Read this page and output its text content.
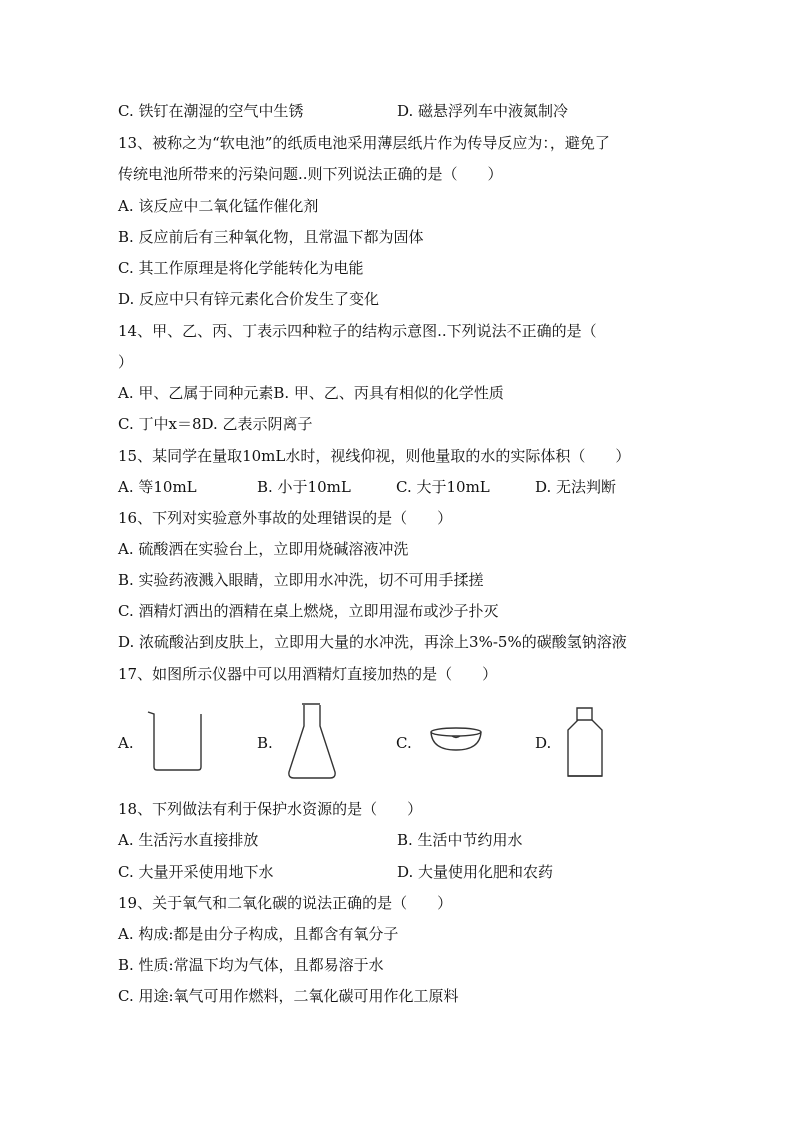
C. 铁钉在潮湿的空气中生锈	D. 磁悬浮列车中液氮制冷
13、被称之为“软电池”的纸质电池采用薄层纸片作为传导反应为：，避免了
传统电池所带来的污染问题..则下列说法正确的是（　　）
A. 该反应中二氧化锰作催化剂
B. 反应前后有三种氧化物，且常温下都为固体
C. 其工作原理是将化学能转化为电能
D. 反应中只有锌元素化合价发生了变化
14、甲、乙、丙、丁表示四种粒子的结构示意图..下列说法不正确的是（
）
A. 甲、乙属于同种元素B. 甲、乙、丙具有相似的化学性质
C. 丁中x＝8D. 乙表示阴离子
15、某同学在量取10mL水时，视线仰视，则他量取的水的实际体积（　　）
A. 等10mL	B. 小于10mL	C. 大于10mL	D. 无法判断
16、下列对实验意外事故的处理错误的是（　　）
A. 硫酸洒在实验台上，立即用烧碱溶液冲洗
B. 实验药液溅入眼睛，立即用水冲洗，切不可用手揉搓
C. 酒精灯洒出的酒精在桌上燃烧，立即用湿布或沙子扑灭
D. 浓硫酸沾到皮肤上，立即用大量的水冲洗，再涂上3%-5%的碳酸氢钠溶液
17、如图所示仪器中可以用酒精灯直接加热的是（　　）
A.	B.	C.	D.
18、下列做法有利于保护水资源的是（　　）
A. 生活污水直接排放	B. 生活中节约用水
C. 大量开采使用地下水	D. 大量使用化肥和农药
19、关于氧气和二氧化碳的说法正确的是（　　）
A. 构成:都是由分子构成，且都含有氧分子
B. 性质:常温下均为气体，且都易溶于水
C. 用途:氧气可用作燃料，二氧化碳可用作化工原料
